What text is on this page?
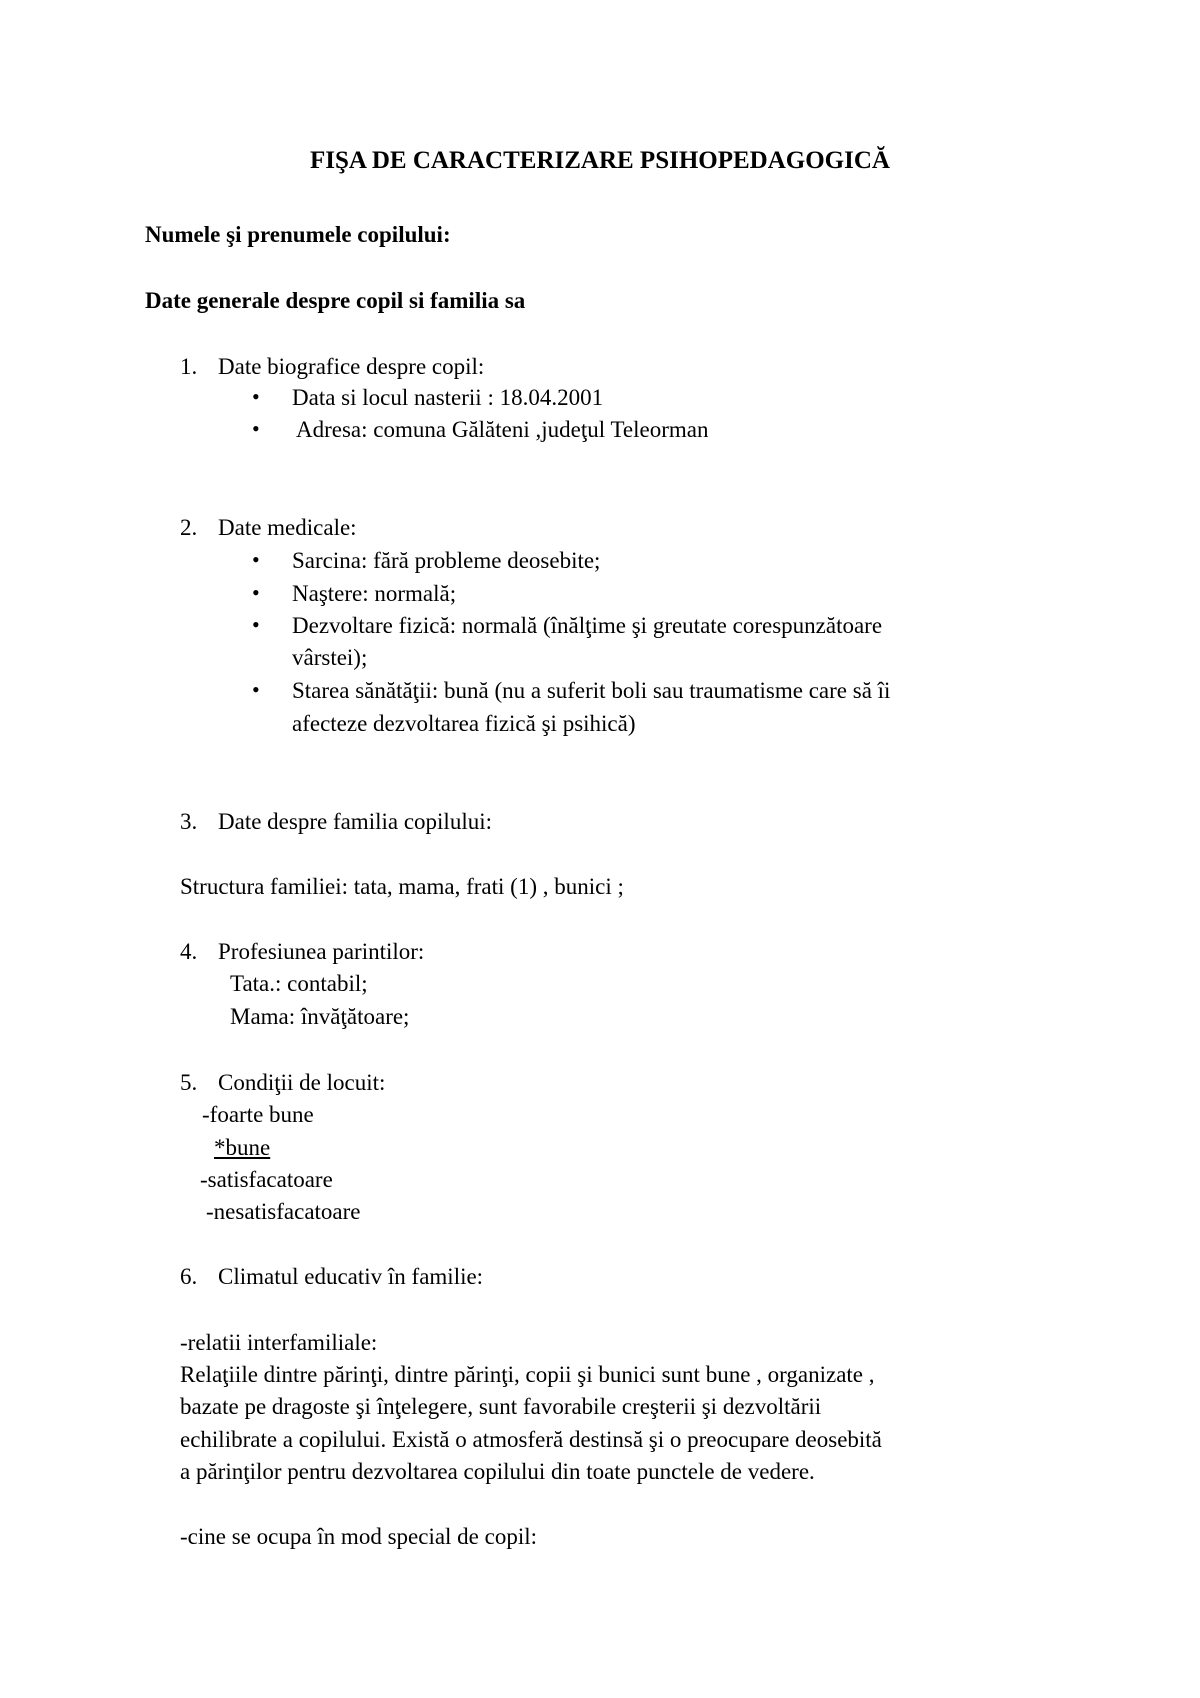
FIŞA DE CARACTERIZARE PSIHOPEDAGOGICĂ
Numele şi prenumele copilului:
Date generale despre copil si familia sa
1. Date biografice despre copil:
• Data si locul nasterii : 18.04.2001
• Adresa: comuna Gălăteni ,judeţul Teleorman
2. Date medicale:
• Sarcina: fără probleme deosebite;
• Naştere: normală;
• Dezvoltare fizică: normală (înălţime şi greutate corespunzătoare
vârstei);
• Starea sănătăţii: bună (nu a suferit boli sau traumatisme care să îi
afecteze dezvoltarea fizică şi psihică)
3. Date despre familia copilului:
Structura familiei: tata, mama, frati (1) , bunici ;
4. Profesiunea parintilor:
Tata.: contabil;
Mama: învăţătoare;
5. Condiţii de locuit:
-foarte bune
*bune
-satisfacatoare
-nesatisfacatoare
6. Climatul educativ în familie:
-relatii interfamiliale:
Relaţiile dintre părinţi, dintre părinţi, copii şi bunici sunt bune , organizate ,
bazate pe dragoste şi înţelegere, sunt favorabile creşterii şi dezvoltării
echilibrate a copilului. Există o atmosferă destinsă şi o preocupare deosebită
a părinţilor pentru dezvoltarea copilului din toate punctele de vedere.
-cine se ocupa în mod special de copil:
